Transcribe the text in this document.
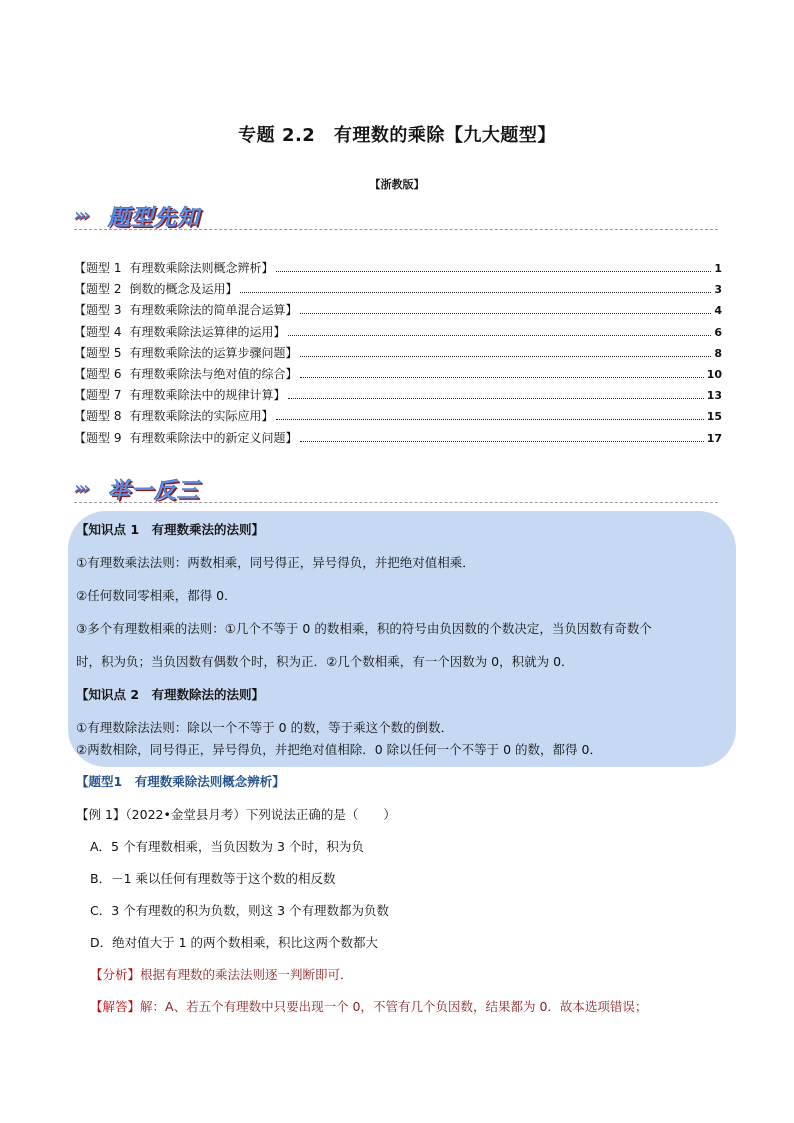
专题 2.2　有理数的乘除【九大题型】
【浙教版】
››› 题型先知
【题型 1 有理数乘除法则概念辨析】	1
【题型 2 倒数的概念及运用】	3
【题型 3 有理数乘除法的简单混合运算】	4
【题型 4 有理数乘除法运算律的运用】	6
【题型 5 有理数乘除法的运算步骤问题】	8
【题型 6 有理数乘除法与绝对值的综合】	10
【题型 7 有理数乘除法中的规律计算】	13
【题型 8 有理数乘除法的实际应用】	15
【题型 9 有理数乘除法中的新定义问题】	17
››› 举一反三
【知识点 1　有理数乘法的法则】
①有理数乘法法则：两数相乘，同号得正，异号得负，并把绝对值相乘．
②任何数同零相乘，都得 0．
③多个有理数相乘的法则：①几个不等于 0 的数相乘，积的符号由负因数的个数决定，当负因数有奇数个
时，积为负；当负因数有偶数个时，积为正．②几个数相乘，有一个因数为 0，积就为 0．
【知识点 2　有理数除法的法则】
①有理数除法法则：除以一个不等于 0 的数，等于乘这个数的倒数．
②两数相除，同号得正，异号得负，并把绝对值相除．0 除以任何一个不等于 0 的数，都得 0．
【题型1　有理数乘除法则概念辨析】
【例 1】（2022•金堂县月考）下列说法正确的是（　　）
A．5 个有理数相乘，当负因数为 3 个时，积为负
B．－1 乘以任何有理数等于这个数的相反数
C．3 个有理数的积为负数，则这 3 个有理数都为负数
D．绝对值大于 1 的两个数相乘，积比这两个数都大
【分析】根据有理数的乘法法则逐一判断即可．
【解答】解：A、若五个有理数中只要出现一个 0，不管有几个负因数，结果都为 0．故本选项错误；
